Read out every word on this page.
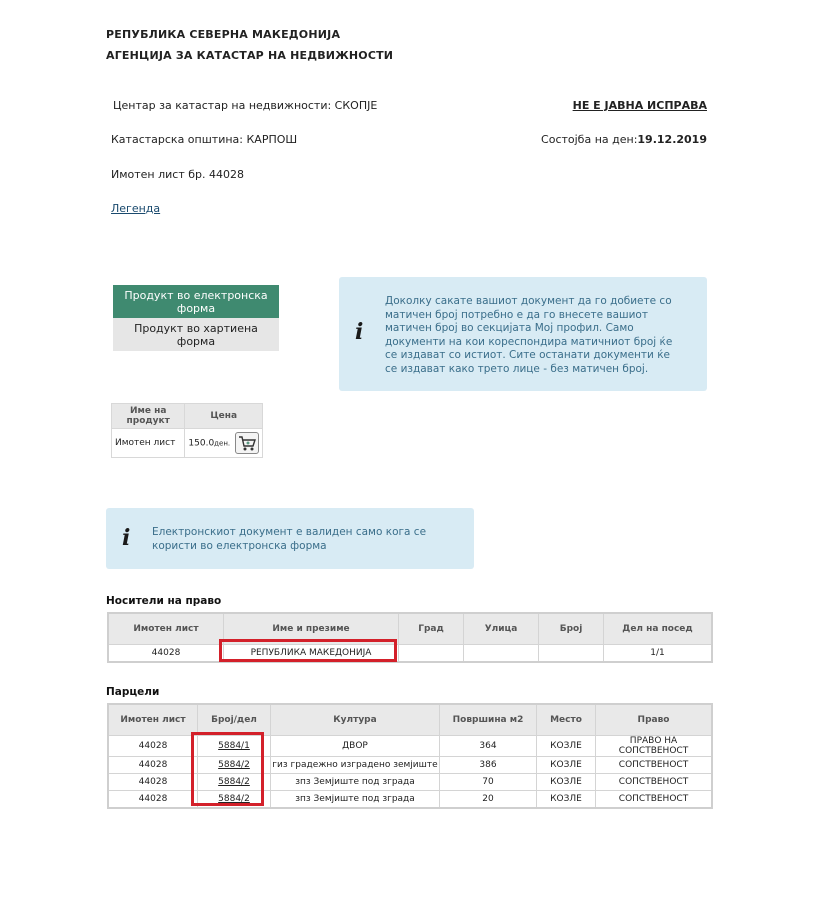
РЕПУБЛИКА СЕВЕРНА МАКЕДОНИЈА
АГЕНЦИЈА ЗА КАТАСТАР НА НЕДВИЖНОСТИ
Центар за катастар на недвижности: СКОПЈЕ	НЕ Е ЈАВНА ИСПРАВА
Катастарска општина: КАРПОШ	Состојба на ден:19.12.2019
Имотен лист бр. 44028
Легенда
Продукт во електронска форма
Продукт во хартиена форма	i
Доколку сакате вашиот документ да го добиете со матичен број потребно е да го внесете вашиот матичен број во секцијата Мој профил. Само документи на кои кореспондира матичниот број ќе се издават со истиот. Сите останати документи ќе се издават како трето лице - без матичен број.
Име на продукт	Цена
Имотен лист	150.0ден.
i Електронскиот документ е валиден само кога се користи во електронска форма
Носители на право
Имотен лист	Име и презиме	Град	Улица	Број	Дел на посед
44028	РЕПУБЛИКА МАКЕДОНИЈА				1/1
Парцели
Имотен лист	Број/дел	Култура	Површина м2	Место	Право
44028	5884/1	ДВОР	364	КОЗЛЕ	ПРАВО НА СОПСТВЕНОСТ
44028	5884/2	гиз градежно изградено земјиште	386	КОЗЛЕ	СОПСТВЕНОСТ
44028	5884/2	зпз Земјиште под зграда	70	КОЗЛЕ	СОПСТВЕНОСТ
44028	5884/2	зпз Земјиште под зграда	20	КОЗЛЕ	СОПСТВЕНОСТ
